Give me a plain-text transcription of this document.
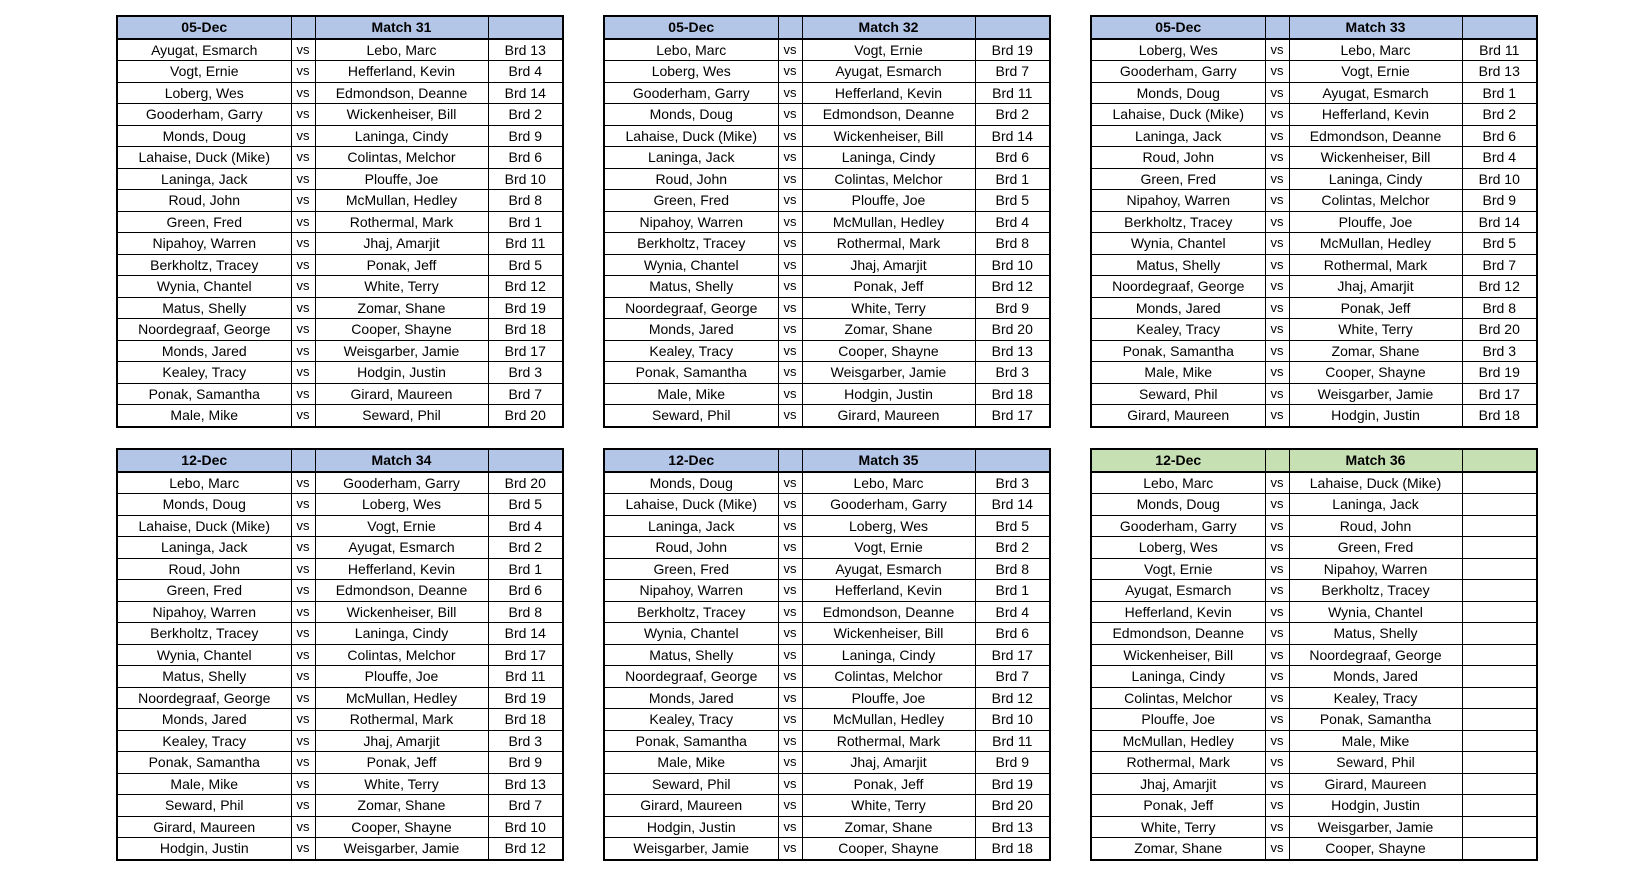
05-Dec		Match 31	
Ayugat, Esmarch	vs	Lebo, Marc	Brd 13
Vogt, Ernie	vs	Hefferland, Kevin	Brd 4
Loberg, Wes	vs	Edmondson, Deanne	Brd 14
Gooderham, Garry	vs	Wickenheiser, Bill	Brd 2
Monds, Doug	vs	Laninga, Cindy	Brd 9
Lahaise, Duck (Mike)	vs	Colintas, Melchor	Brd 6
Laninga, Jack	vs	Plouffe, Joe	Brd 10
Roud, John	vs	McMullan, Hedley	Brd 8
Green, Fred	vs	Rothermal, Mark	Brd 1
Nipahoy, Warren	vs	Jhaj, Amarjit	Brd 11
Berkholtz, Tracey	vs	Ponak, Jeff	Brd 5
Wynia, Chantel	vs	White, Terry	Brd 12
Matus, Shelly	vs	Zomar, Shane	Brd 19
Noordegraaf, George	vs	Cooper, Shayne	Brd 18
Monds, Jared	vs	Weisgarber, Jamie	Brd 17
Kealey, Tracy	vs	Hodgin, Justin	Brd 3
Ponak, Samantha	vs	Girard, Maureen	Brd 7
Male, Mike	vs	Seward, Phil	Brd 20
05-Dec		Match 32	
Lebo, Marc	vs	Vogt, Ernie	Brd 19
Loberg, Wes	vs	Ayugat, Esmarch	Brd 7
Gooderham, Garry	vs	Hefferland, Kevin	Brd 11
Monds, Doug	vs	Edmondson, Deanne	Brd 2
Lahaise, Duck (Mike)	vs	Wickenheiser, Bill	Brd 14
Laninga, Jack	vs	Laninga, Cindy	Brd 6
Roud, John	vs	Colintas, Melchor	Brd 1
Green, Fred	vs	Plouffe, Joe	Brd 5
Nipahoy, Warren	vs	McMullan, Hedley	Brd 4
Berkholtz, Tracey	vs	Rothermal, Mark	Brd 8
Wynia, Chantel	vs	Jhaj, Amarjit	Brd 10
Matus, Shelly	vs	Ponak, Jeff	Brd 12
Noordegraaf, George	vs	White, Terry	Brd 9
Monds, Jared	vs	Zomar, Shane	Brd 20
Kealey, Tracy	vs	Cooper, Shayne	Brd 13
Ponak, Samantha	vs	Weisgarber, Jamie	Brd 3
Male, Mike	vs	Hodgin, Justin	Brd 18
Seward, Phil	vs	Girard, Maureen	Brd 17
05-Dec		Match 33	
Loberg, Wes	vs	Lebo, Marc	Brd 11
Gooderham, Garry	vs	Vogt, Ernie	Brd 13
Monds, Doug	vs	Ayugat, Esmarch	Brd 1
Lahaise, Duck (Mike)	vs	Hefferland, Kevin	Brd 2
Laninga, Jack	vs	Edmondson, Deanne	Brd 6
Roud, John	vs	Wickenheiser, Bill	Brd 4
Green, Fred	vs	Laninga, Cindy	Brd 10
Nipahoy, Warren	vs	Colintas, Melchor	Brd 9
Berkholtz, Tracey	vs	Plouffe, Joe	Brd 14
Wynia, Chantel	vs	McMullan, Hedley	Brd 5
Matus, Shelly	vs	Rothermal, Mark	Brd 7
Noordegraaf, George	vs	Jhaj, Amarjit	Brd 12
Monds, Jared	vs	Ponak, Jeff	Brd 8
Kealey, Tracy	vs	White, Terry	Brd 20
Ponak, Samantha	vs	Zomar, Shane	Brd 3
Male, Mike	vs	Cooper, Shayne	Brd 19
Seward, Phil	vs	Weisgarber, Jamie	Brd 17
Girard, Maureen	vs	Hodgin, Justin	Brd 18
12-Dec		Match 34	
Lebo, Marc	vs	Gooderham, Garry	Brd 20
Monds, Doug	vs	Loberg, Wes	Brd 5
Lahaise, Duck (Mike)	vs	Vogt, Ernie	Brd 4
Laninga, Jack	vs	Ayugat, Esmarch	Brd 2
Roud, John	vs	Hefferland, Kevin	Brd 1
Green, Fred	vs	Edmondson, Deanne	Brd 6
Nipahoy, Warren	vs	Wickenheiser, Bill	Brd 8
Berkholtz, Tracey	vs	Laninga, Cindy	Brd 14
Wynia, Chantel	vs	Colintas, Melchor	Brd 17
Matus, Shelly	vs	Plouffe, Joe	Brd 11
Noordegraaf, George	vs	McMullan, Hedley	Brd 19
Monds, Jared	vs	Rothermal, Mark	Brd 18
Kealey, Tracy	vs	Jhaj, Amarjit	Brd 3
Ponak, Samantha	vs	Ponak, Jeff	Brd 9
Male, Mike	vs	White, Terry	Brd 13
Seward, Phil	vs	Zomar, Shane	Brd 7
Girard, Maureen	vs	Cooper, Shayne	Brd 10
Hodgin, Justin	vs	Weisgarber, Jamie	Brd 12
12-Dec		Match 35	
Monds, Doug	vs	Lebo, Marc	Brd 3
Lahaise, Duck (Mike)	vs	Gooderham, Garry	Brd 14
Laninga, Jack	vs	Loberg, Wes	Brd 5
Roud, John	vs	Vogt, Ernie	Brd 2
Green, Fred	vs	Ayugat, Esmarch	Brd 8
Nipahoy, Warren	vs	Hefferland, Kevin	Brd 1
Berkholtz, Tracey	vs	Edmondson, Deanne	Brd 4
Wynia, Chantel	vs	Wickenheiser, Bill	Brd 6
Matus, Shelly	vs	Laninga, Cindy	Brd 17
Noordegraaf, George	vs	Colintas, Melchor	Brd 7
Monds, Jared	vs	Plouffe, Joe	Brd 12
Kealey, Tracy	vs	McMullan, Hedley	Brd 10
Ponak, Samantha	vs	Rothermal, Mark	Brd 11
Male, Mike	vs	Jhaj, Amarjit	Brd 9
Seward, Phil	vs	Ponak, Jeff	Brd 19
Girard, Maureen	vs	White, Terry	Brd 20
Hodgin, Justin	vs	Zomar, Shane	Brd 13
Weisgarber, Jamie	vs	Cooper, Shayne	Brd 18
12-Dec		Match 36	
Lebo, Marc	vs	Lahaise, Duck (Mike)	
Monds, Doug	vs	Laninga, Jack	
Gooderham, Garry	vs	Roud, John	
Loberg, Wes	vs	Green, Fred	
Vogt, Ernie	vs	Nipahoy, Warren	
Ayugat, Esmarch	vs	Berkholtz, Tracey	
Hefferland, Kevin	vs	Wynia, Chantel	
Edmondson, Deanne	vs	Matus, Shelly	
Wickenheiser, Bill	vs	Noordegraaf, George	
Laninga, Cindy	vs	Monds, Jared	
Colintas, Melchor	vs	Kealey, Tracy	
Plouffe, Joe	vs	Ponak, Samantha	
McMullan, Hedley	vs	Male, Mike	
Rothermal, Mark	vs	Seward, Phil	
Jhaj, Amarjit	vs	Girard, Maureen	
Ponak, Jeff	vs	Hodgin, Justin	
White, Terry	vs	Weisgarber, Jamie	
Zomar, Shane	vs	Cooper, Shayne	
